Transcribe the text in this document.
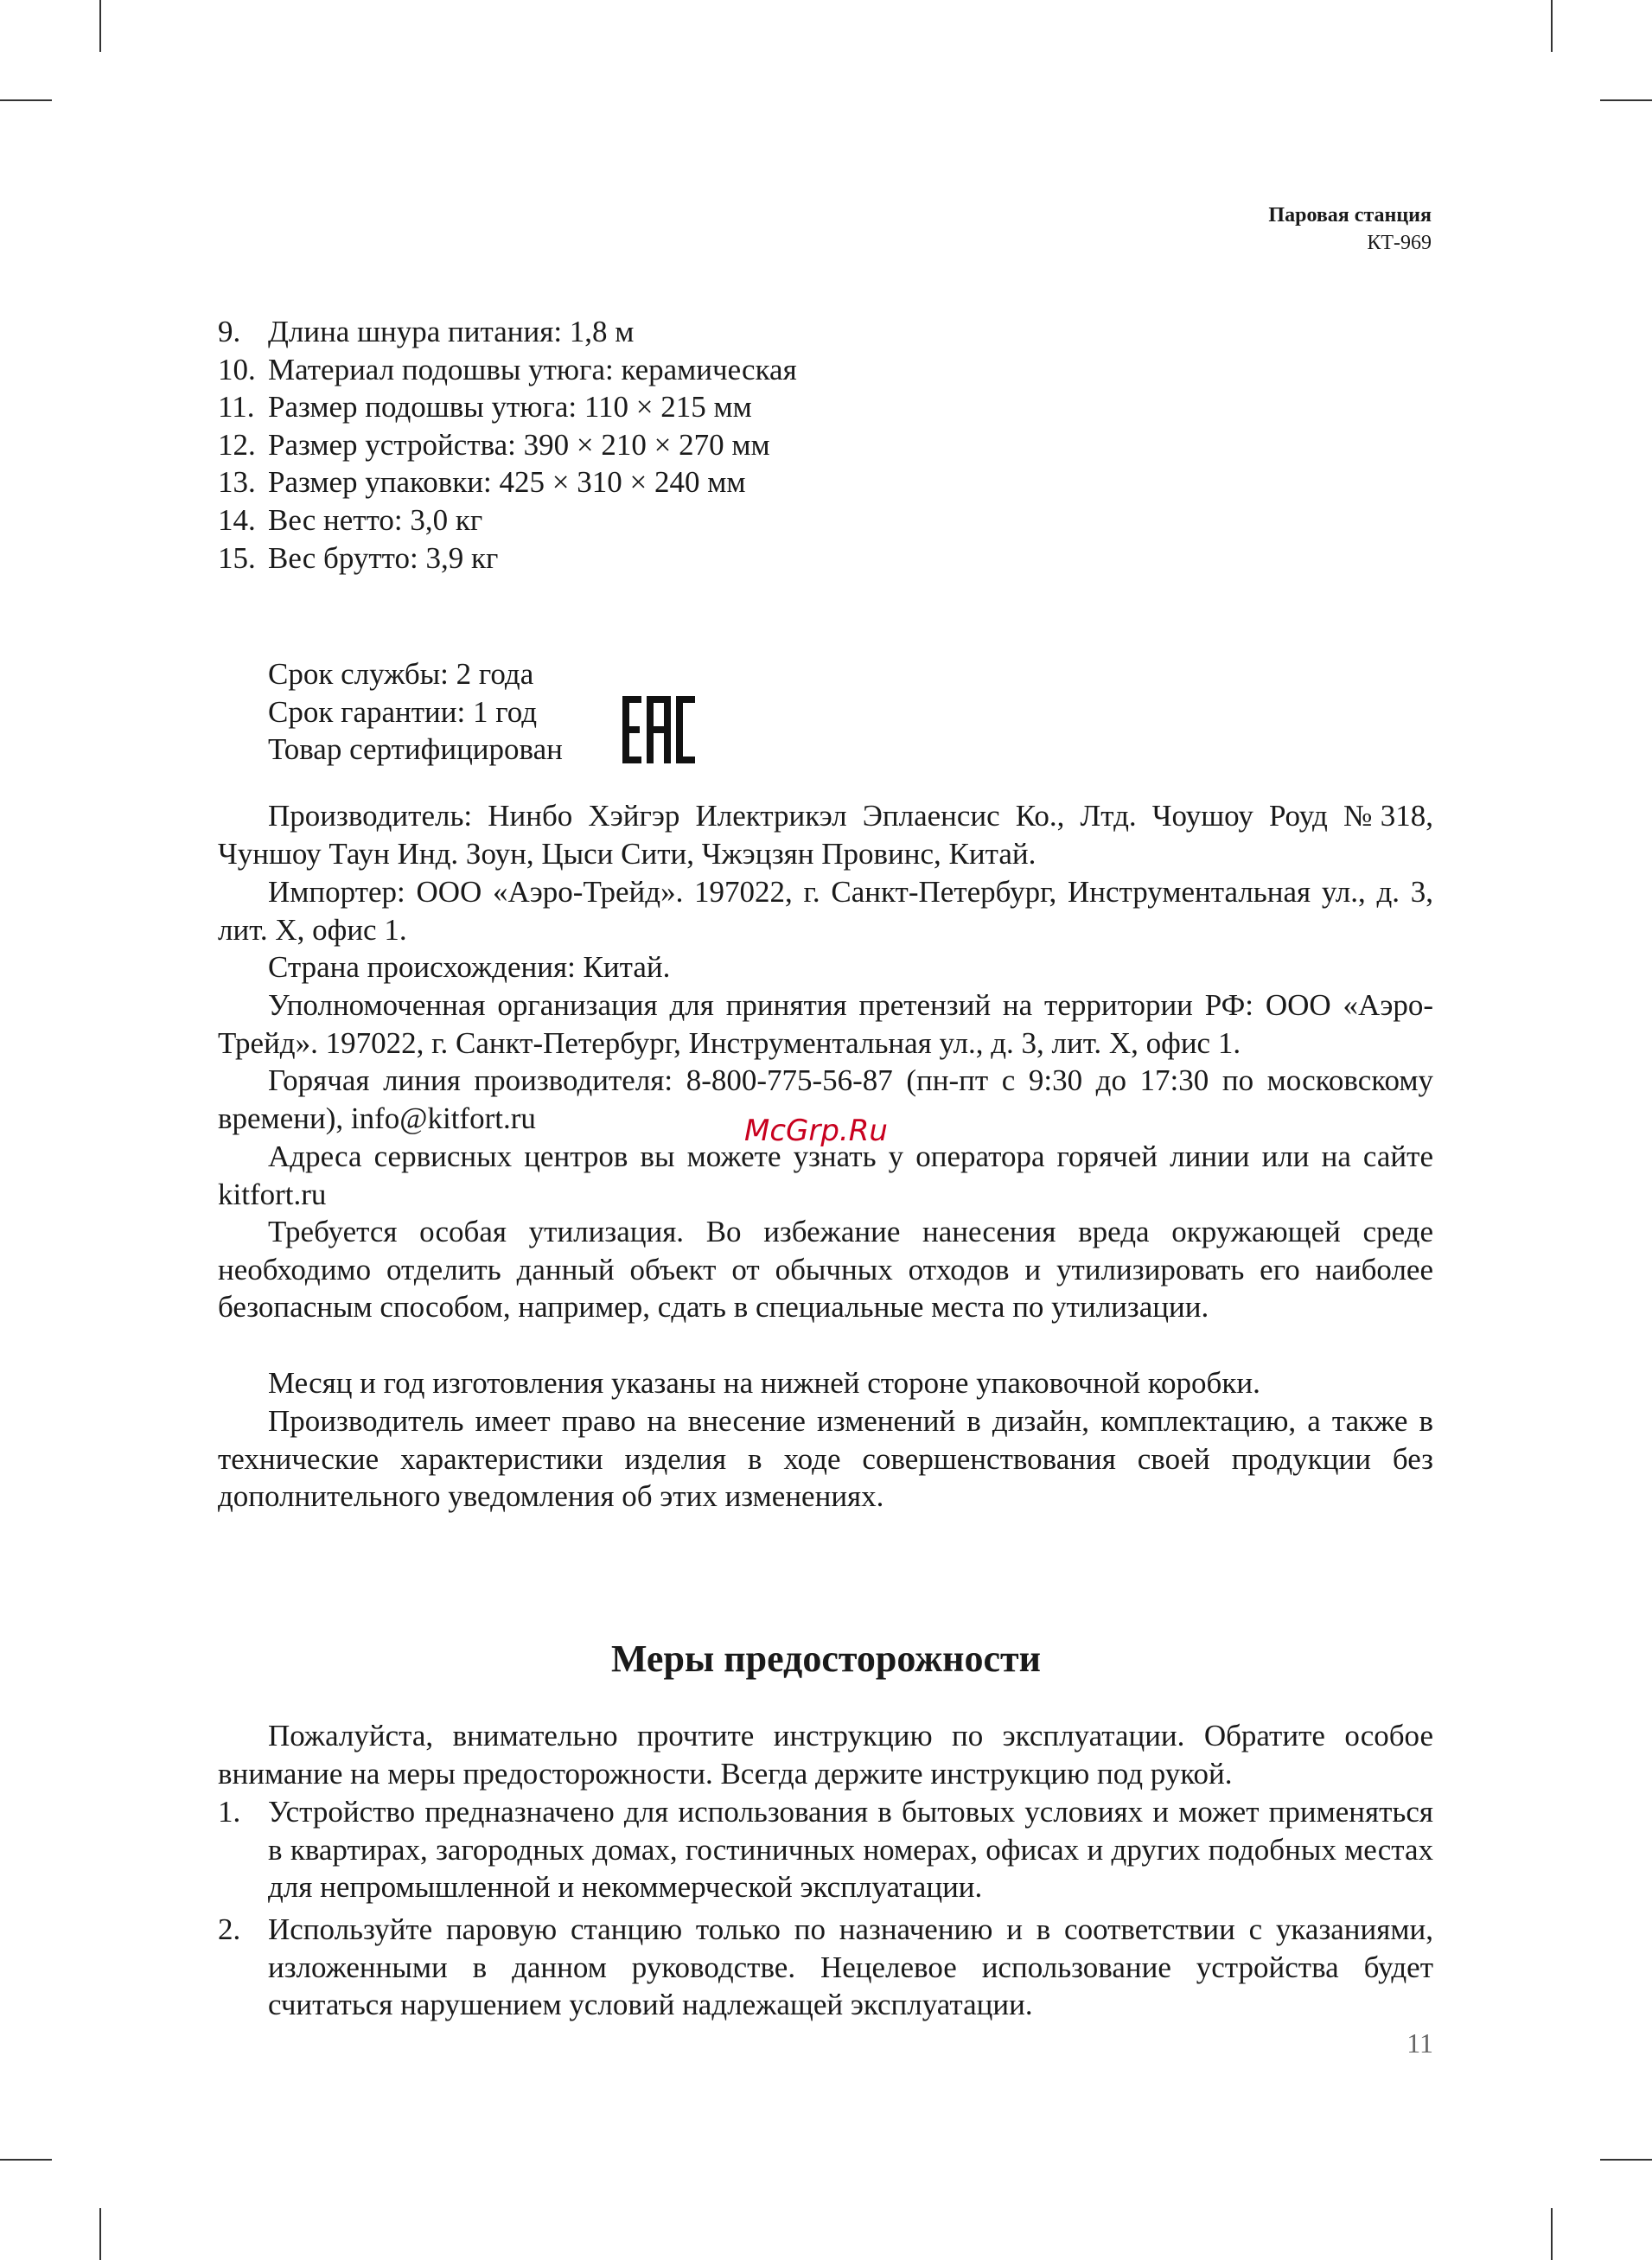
Паровая станция
КТ-969
9. Длина шнура питания: 1,8 м
10. Материал подошвы утюга: керамическая
11. Размер подошвы утюга: 110 × 215 мм
12. Размер устройства: 390 × 210 × 270 мм
13. Размер упаковки: 425 × 310 × 240 мм
14. Вес нетто: 3,0 кг
15. Вес брутто: 3,9 кг
Срок службы: 2 года
Срок гарантии: 1 год
Товар сертифицирован

Производитель: Нинбо Хэйгэр Илектрикэл Эплаенсис Ко., Лтд. Чоушоу Роуд №318, Чуншоу Таун Инд. Зоун, Цыси Сити, Чжэцзян Провинс, Китай.

Импортер: ООО «Аэро-Трейд». 197022, г. Санкт-Петербург, Инструментальная ул., д. 3, лит. Х, офис 1.

Страна происхождения: Китай.

Уполномоченная организация для принятия претензий на территории РФ: ООО «Аэро-Трейд». 197022, г. Санкт-Петербург, Инструментальная ул., д. 3, лит. Х, офис 1.

Горячая линия производителя: 8-800-775-56-87 (пн-пт с 9:30 до 17:30 по московскому времени), info@kitfort.ru	McGrp.Ru

Адреса сервисных центров вы можете узнать у оператора горячей линии или на сайте kitfort.ru

Требуется особая утилизация. Во избежание нанесения вреда окружающей среде необходимо отделить данный объект от обычных отходов и утилизировать его наиболее безопасным способом, например, сдать в специальные места по утилизации.

Месяц и год изготовления указаны на нижней стороне упаковочной коробки.

Производитель имеет право на внесение изменений в дизайн, комплектацию, а также в технические характеристики изделия в ходе совершенствования своей продукции без дополнительного уведомления об этих изменениях.

Меры предосторожности

Пожалуйста, внимательно прочтите инструкцию по эксплуатации. Обратите особое внимание на меры предосторожности. Всегда держите инструкцию под рукой.

1. Устройство предназначено для использования в бытовых условиях и может применяться в квартирах, загородных домах, гостиничных номерах, офисах и других подобных местах для непромышленной и некоммерческой эксплуатации.
2. Используйте паровую станцию только по назначению и в соответствии с указаниями, изложенными в данном руководстве. Нецелевое использование устройства будет считаться нарушением условий надлежащей эксплуатации.
11
